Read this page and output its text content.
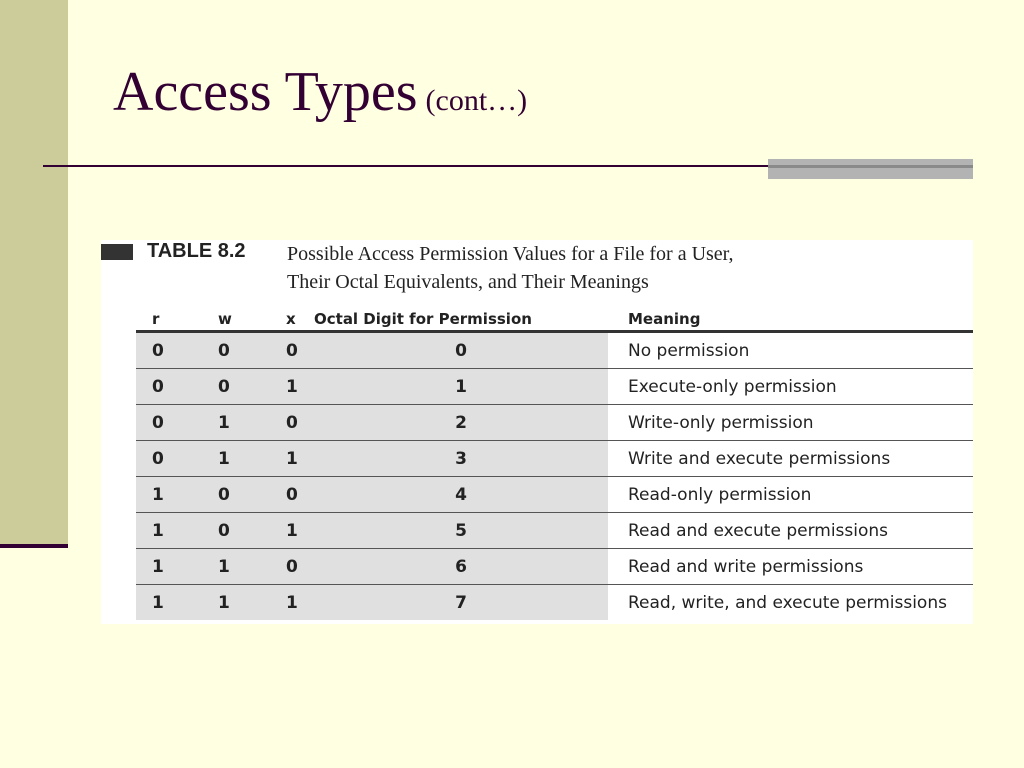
Access Types (cont…)
TABLE 8.2 Possible Access Permission Values for a File for a User,
Their Octal Equivalents, and Their Meanings
r	w	x	Octal Digit for Permission	Meaning
0	0	0	0	No permission
0	0	1	1	Execute-only permission
0	1	0	2	Write-only permission
0	1	1	3	Write and execute permissions
1	0	0	4	Read-only permission
1	0	1	5	Read and execute permissions
1	1	0	6	Read and write permissions
1	1	1	7	Read, write, and execute permissions
